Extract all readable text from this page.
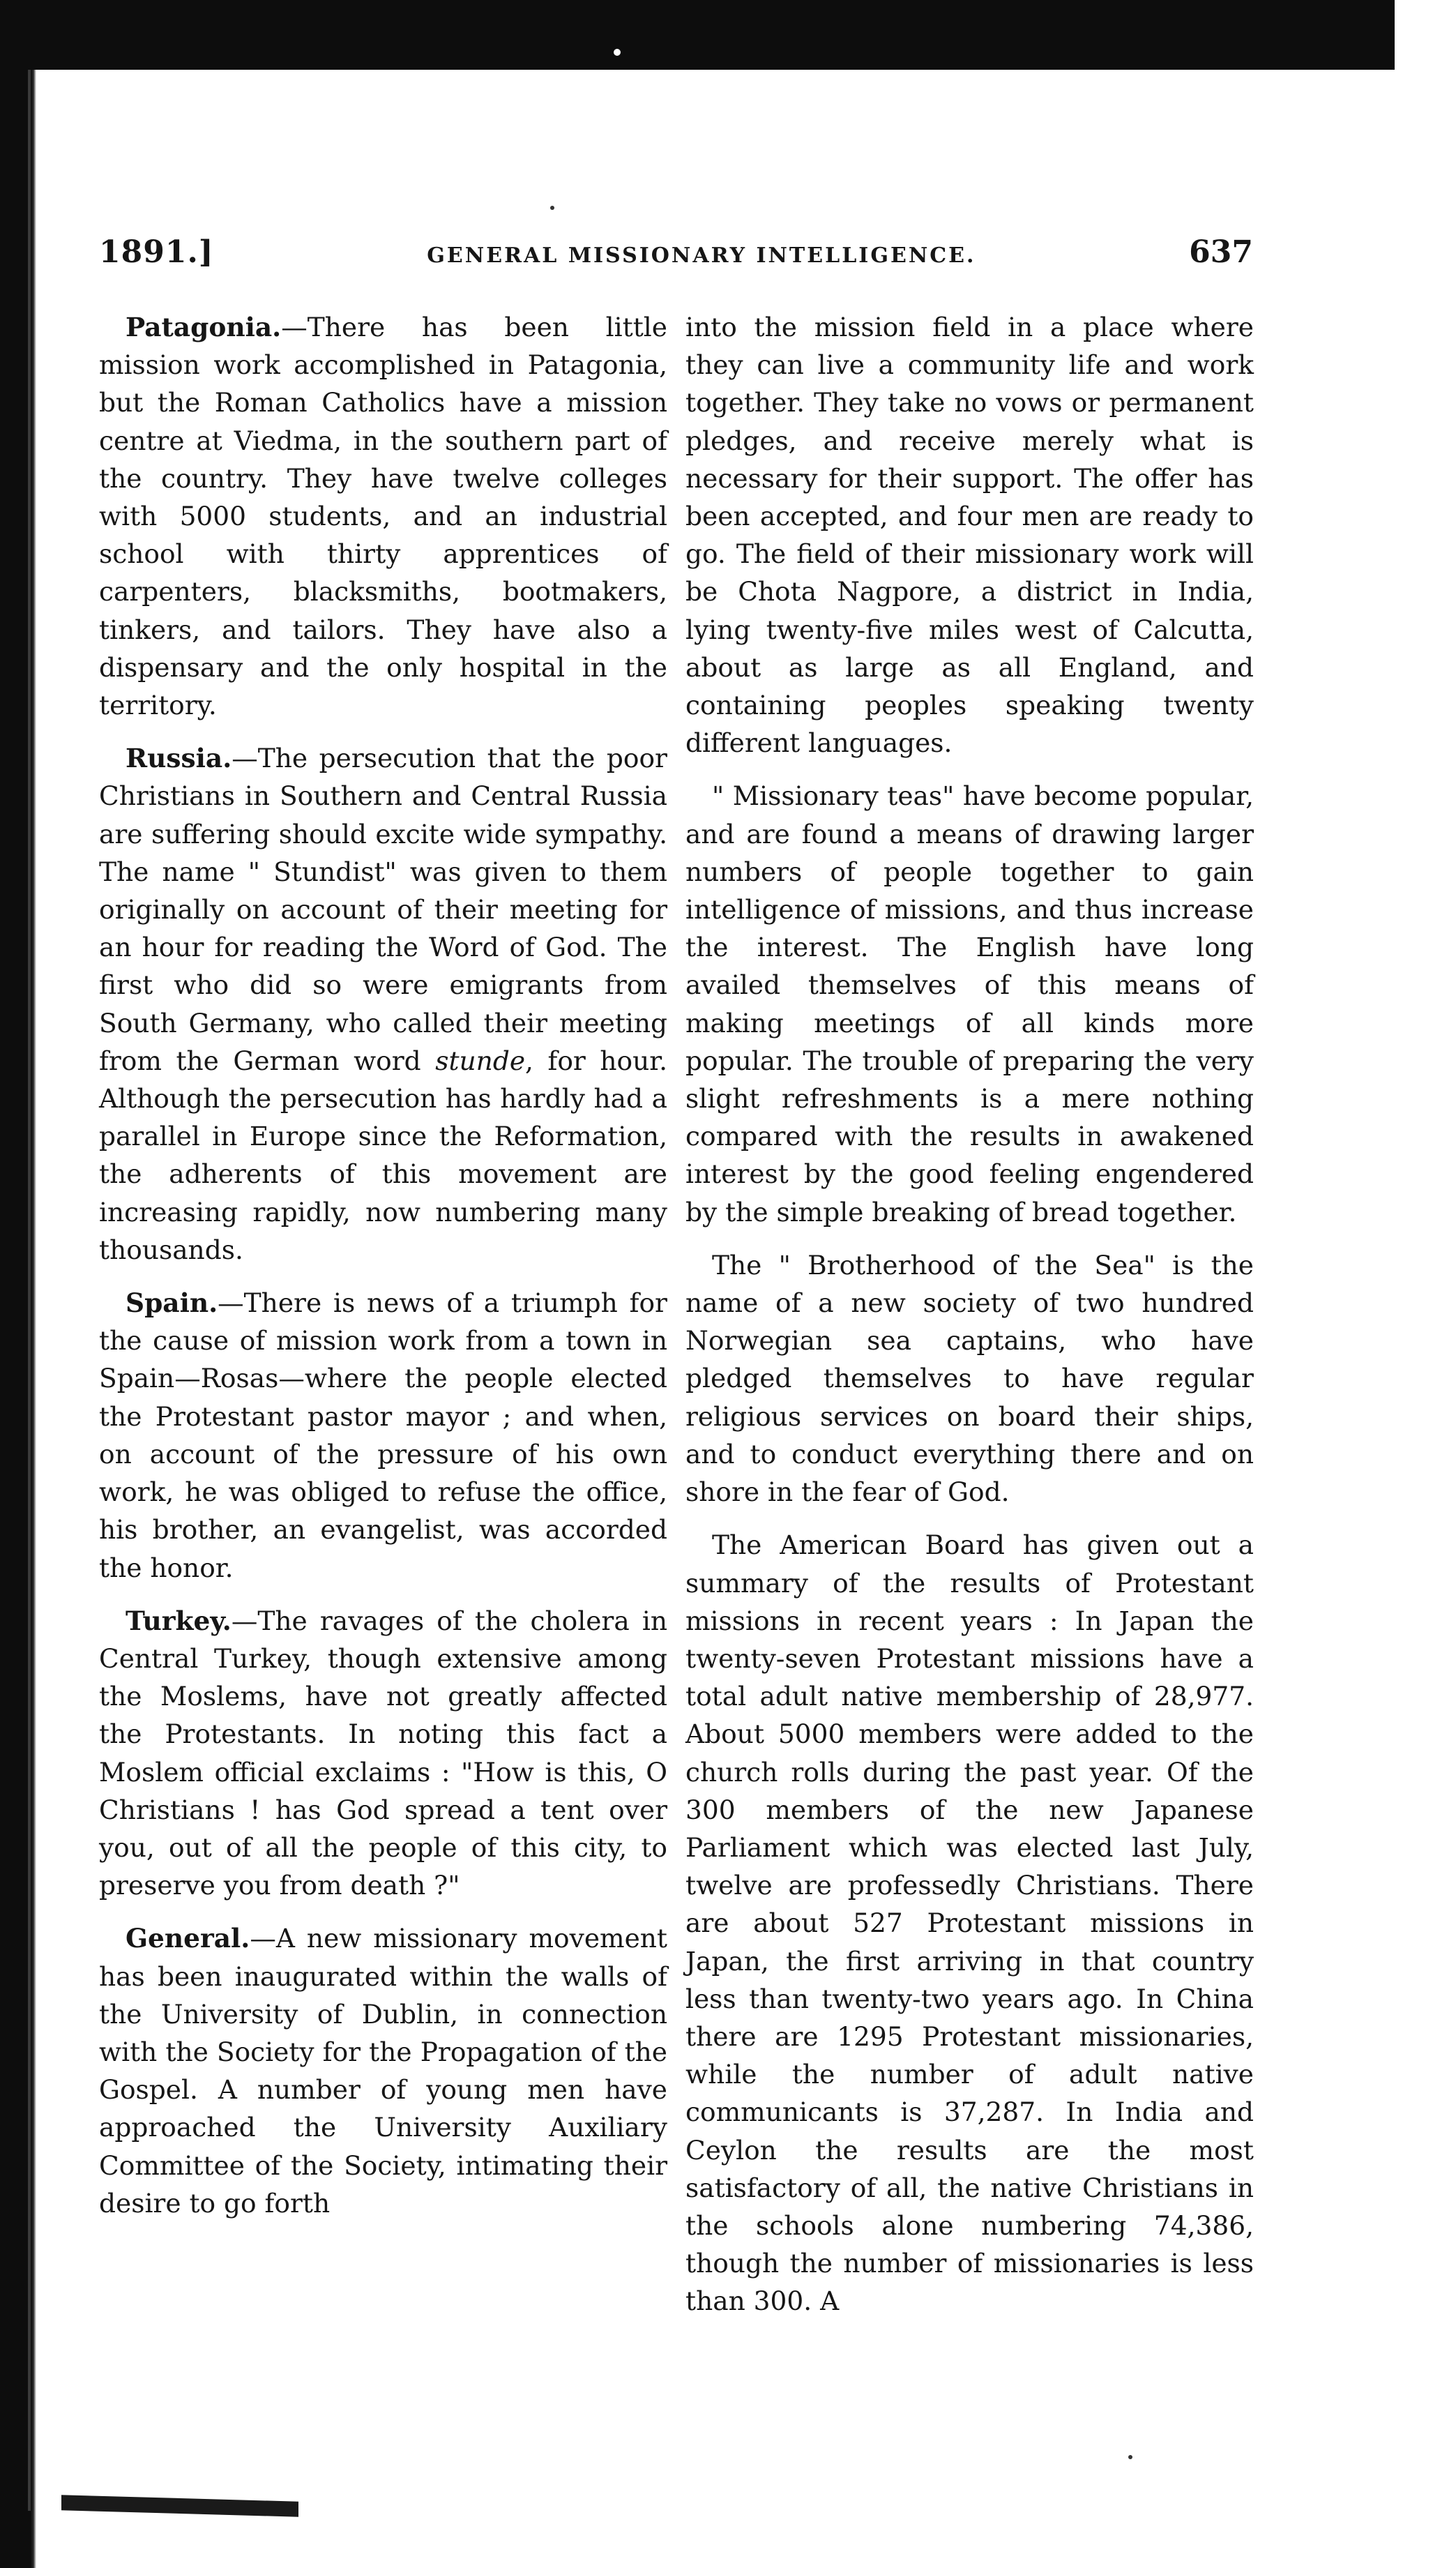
1891.]	GENERAL MISSIONARY INTELLIGENCE.	637

Patagonia.—There has been little mission work accomplished in Patagonia, but the Roman Catholics have a mission centre at Viedma, in the southern part of the country. They have twelve colleges with 5000 students, and an industrial school with thirty apprentices of carpenters, blacksmiths, bootmakers, tinkers, and tailors. They have also a dispensary and the only hospital in the territory.

Russia.—The persecution that the poor Christians in Southern and Central Russia are suffering should excite wide sympathy. The name " Stundist" was given to them originally on account of their meeting for an hour for reading the Word of God. The first who did so were emigrants from South Germany, who called their meeting from the German word stunde, for hour. Although the persecution has hardly had a parallel in Europe since the Reformation, the adherents of this movement are increasing rapidly, now numbering many thousands.

Spain.—There is news of a triumph for the cause of mission work from a town in Spain—Rosas—where the people elected the Protestant pastor mayor ; and when, on account of the pressure of his own work, he was obliged to refuse the office, his brother, an evangelist, was accorded the honor.

Turkey.—The ravages of the cholera in Central Turkey, though extensive among the Moslems, have not greatly affected the Protestants. In noting this fact a Moslem official exclaims : "How is this, O Christians ! has God spread a tent over you, out of all the people of this city, to preserve you from death ?"

General.—A new missionary movement has been inaugurated within the walls of the University of Dublin, in connection with the Society for the Propagation of the Gospel. A number of young men have approached the University Auxiliary Committee of the Society, intimating their desire to go forth

into the mission field in a place where they can live a community life and work together. They take no vows or permanent pledges, and receive merely what is necessary for their support. The offer has been accepted, and four men are ready to go. The field of their missionary work will be Chota Nagpore, a district in India, lying twenty-five miles west of Calcutta, about as large as all England, and containing peoples speaking twenty different languages.

" Missionary teas" have become popular, and are found a means of drawing larger numbers of people together to gain intelligence of missions, and thus increase the interest. The English have long availed themselves of this means of making meetings of all kinds more popular. The trouble of preparing the very slight refreshments is a mere nothing compared with the results in awakened interest by the good feeling engendered by the simple breaking of bread together.

The " Brotherhood of the Sea" is the name of a new society of two hundred Norwegian sea captains, who have pledged themselves to have regular religious services on board their ships, and to conduct everything there and on shore in the fear of God.

The American Board has given out a summary of the results of Protestant missions in recent years : In Japan the twenty-seven Protestant missions have a total adult native membership of 28,977. About 5000 members were added to the church rolls during the past year. Of the 300 members of the new Japanese Parliament which was elected last July, twelve are professedly Christians. There are about 527 Protestant missions in Japan, the first arriving in that country less than twenty-two years ago. In China there are 1295 Protestant missionaries, while the number of adult native communicants is 37,287. In India and Ceylon the results are the most satisfactory of all, the native Christians in the schools alone numbering 74,386, though the number of missionaries is less than 300. A
